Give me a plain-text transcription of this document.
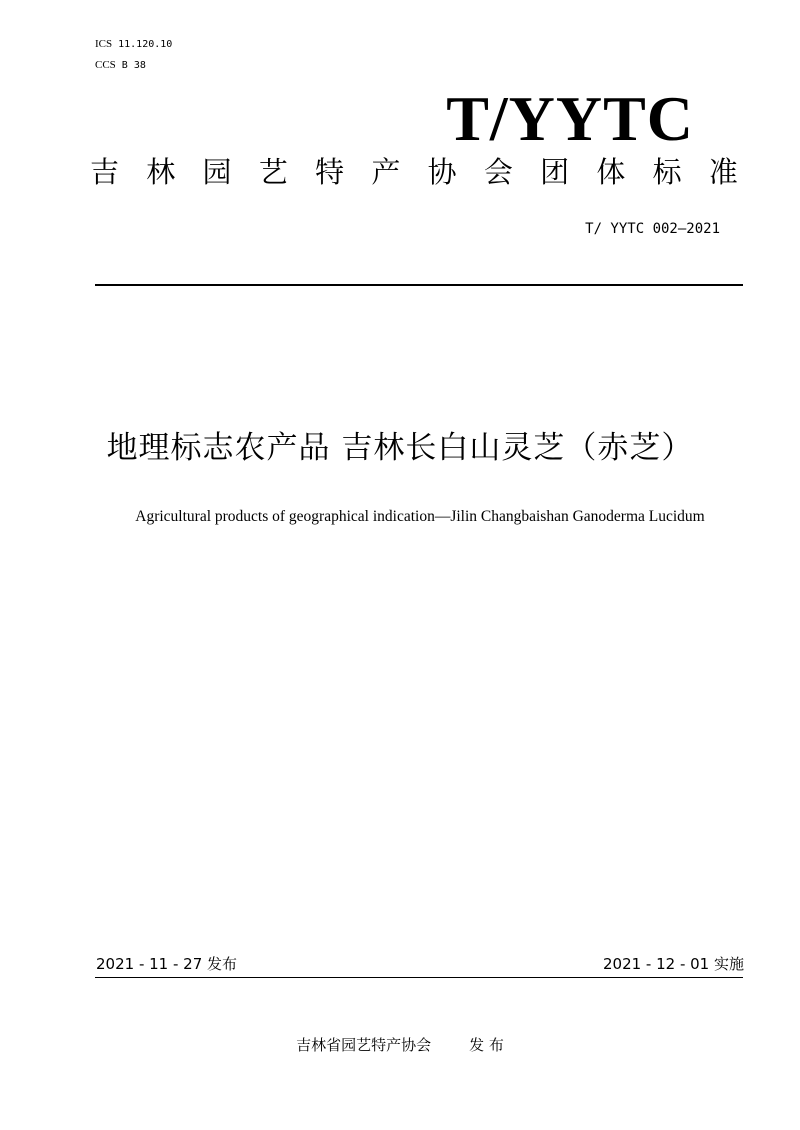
ICS 11.120.10
CCS B 38
T/YYTC
吉 林 园 艺 特 产 协 会 团 体 标 准
T/ YYTC 002—2021
地理标志农产品 吉林长白山灵芝（赤芝）
Agricultural products of geographical indication—Jilin Changbaishan Ganoderma Lucidum
2021 - 11 - 27 发布	2021 - 12 - 01 实施
吉林省园艺特产协会	发 布
